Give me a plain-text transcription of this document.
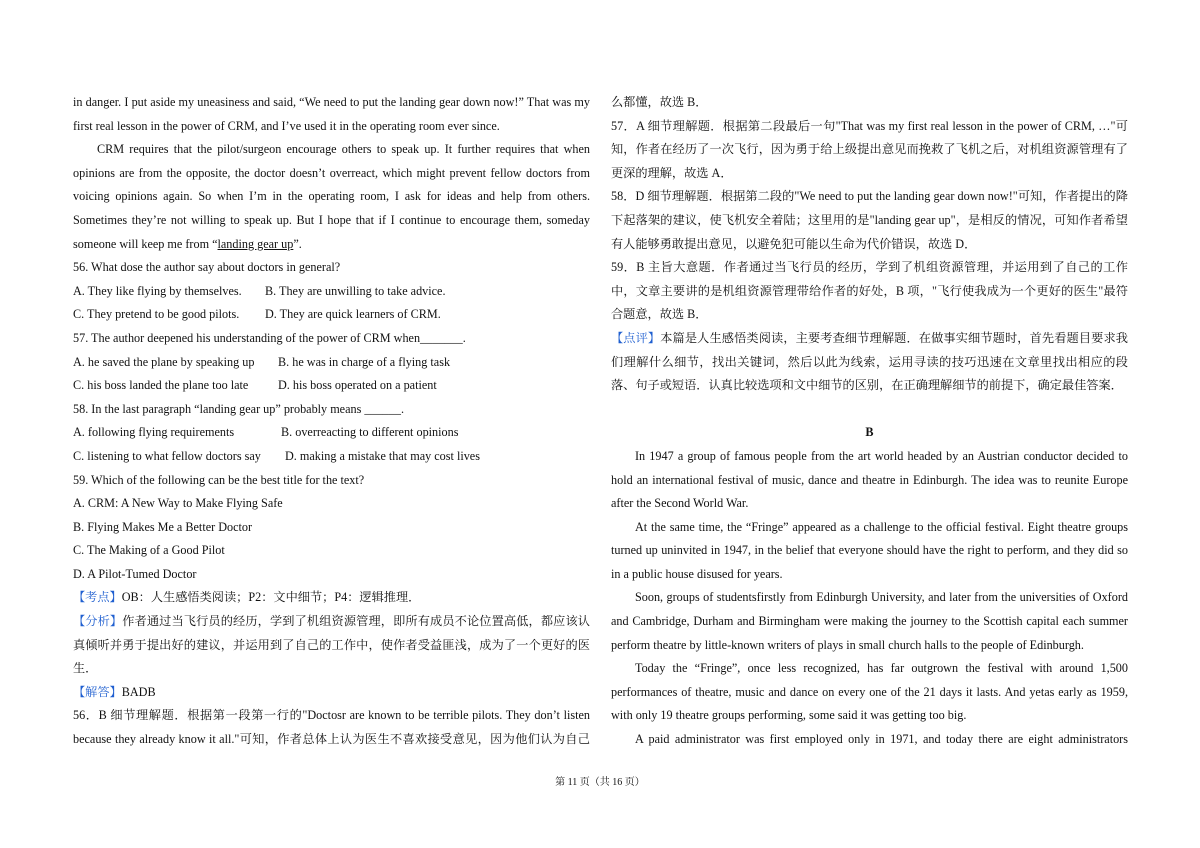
in danger. I put aside my uneasiness and said, “We need to put the landing gear down now!” That was my
first real lesson in the power of CRM, and I’ve used it in the operating room ever since.
CRM requires that the pilot/surgeon encourage others to speak up. It further requires that when
opinions are from the opposite, the doctor doesn’t overreact, which might prevent fellow doctors from
voicing opinions again. So when I’m in the operating room, I ask for ideas and help from others.
Sometimes they’re not willing to speak up. But I hope that if I continue to encourage them, someday
someone will keep me from “landing gear up”.
56. What dose the author say about doctors in general?
A. They like flying by themselves. B. They are unwilling to take advice.
C. They pretend to be good pilots. D. They are quick learners of CRM.
57. The author deepened his understanding of the power of CRM when_______.
A. he saved the plane by speaking up B. he was in charge of a flying task
C. his boss landed the plane too late D. his boss operated on a patient
58. In the last paragraph “landing gear up” probably means ______.
A. following flying requirements	B. overreacting to different opinions
C. listening to what fellow doctors say D. making a mistake that may cost lives
59. Which of the following can be the best title for the text?
A. CRM: A New Way to Make Flying Safe
B. Flying Makes Me a Better Doctor
C. The Making of a Good Pilot
D. A Pilot-Tumed Doctor
【考点】OB：人生感悟类阅读；P2：文中细节；P4：逻辑推理．
【分析】作者通过当飞行员的经历，学到了机组资源管理，即所有成员不论位置高低，都应该认
真倾听并勇于提出好的建议，并运用到了自己的工作中，使作者受益匪浅，成为了一个更好的医
生．
【解答】BADB
56．B 细节理解题．根据第一段第一行的"Doctosr are known to be terrible pilots. They don’t listen
because they already know it all."可知，作者总体上认为医生不喜欢接受意见，因为他们认为自己
么都懂，故选 B．
57．A 细节理解题．根据第二段最后一句"That was my first real lesson in the power of CRM, …"可
知，作者在经历了一次飞行，因为勇于给上级提出意见而挽救了飞机之后，对机组资源管理有了
更深的理解，故选 A．
58．D 细节理解题．根据第二段的"We need to put the landing gear down now!"可知，作者提出的降
下起落架的建议，使飞机安全着陆；这里用的是"landing gear up"，是相反的情况，可知作者希望
有人能够勇敢提出意见，以避免犯可能以生命为代价错误，故选 D．
59．B 主旨大意题．作者通过当飞行员的经历，学到了机组资源管理，并运用到了自己的工作
中，文章主要讲的是机组资源管理带给作者的好处，B 项，"飞行使我成为一个更好的医生"最符
合题意，故选 B．
【点评】本篇是人生感悟类阅读，主要考查细节理解题．在做事实细节题时，首先看题目要求我
们理解什么细节，找出关键词，然后以此为线索，运用寻读的技巧迅速在文章里找出相应的段
落、句子或短语．认真比较选项和文中细节的区别，在正确理解细节的前提下，确定最佳答案．
B
In 1947 a group of famous people from the art world headed by an Austrian conductor decided to
hold an international festival of music, dance and theatre in Edinburgh. The idea was to reunite Europe
after the Second World War.
At the same time, the “Fringe” appeared as a challenge to the official festival. Eight theatre groups
turned up uninvited in 1947, in the belief that everyone should have the right to perform, and they did so
in a public house disused for years.
Soon, groups of studentsfirstly from Edinburgh University, and later from the universities of Oxford
and Cambridge, Durham and Birmingham were making the journey to the Scottish capital each summer
perform theatre by little-known writers of plays in small church halls to the people of Edinburgh.
Today the “Fringe”, once less recognized, has far outgrown the festival with around 1,500
performances of theatre, music and dance on every one of the 21 days it lasts. And yetas early as 1959,
with only 19 theatre groups performing, some said it was getting too big.
A paid administrator was first employed only in 1971, and today there are eight administrators
第 11 页（共 16 页）
